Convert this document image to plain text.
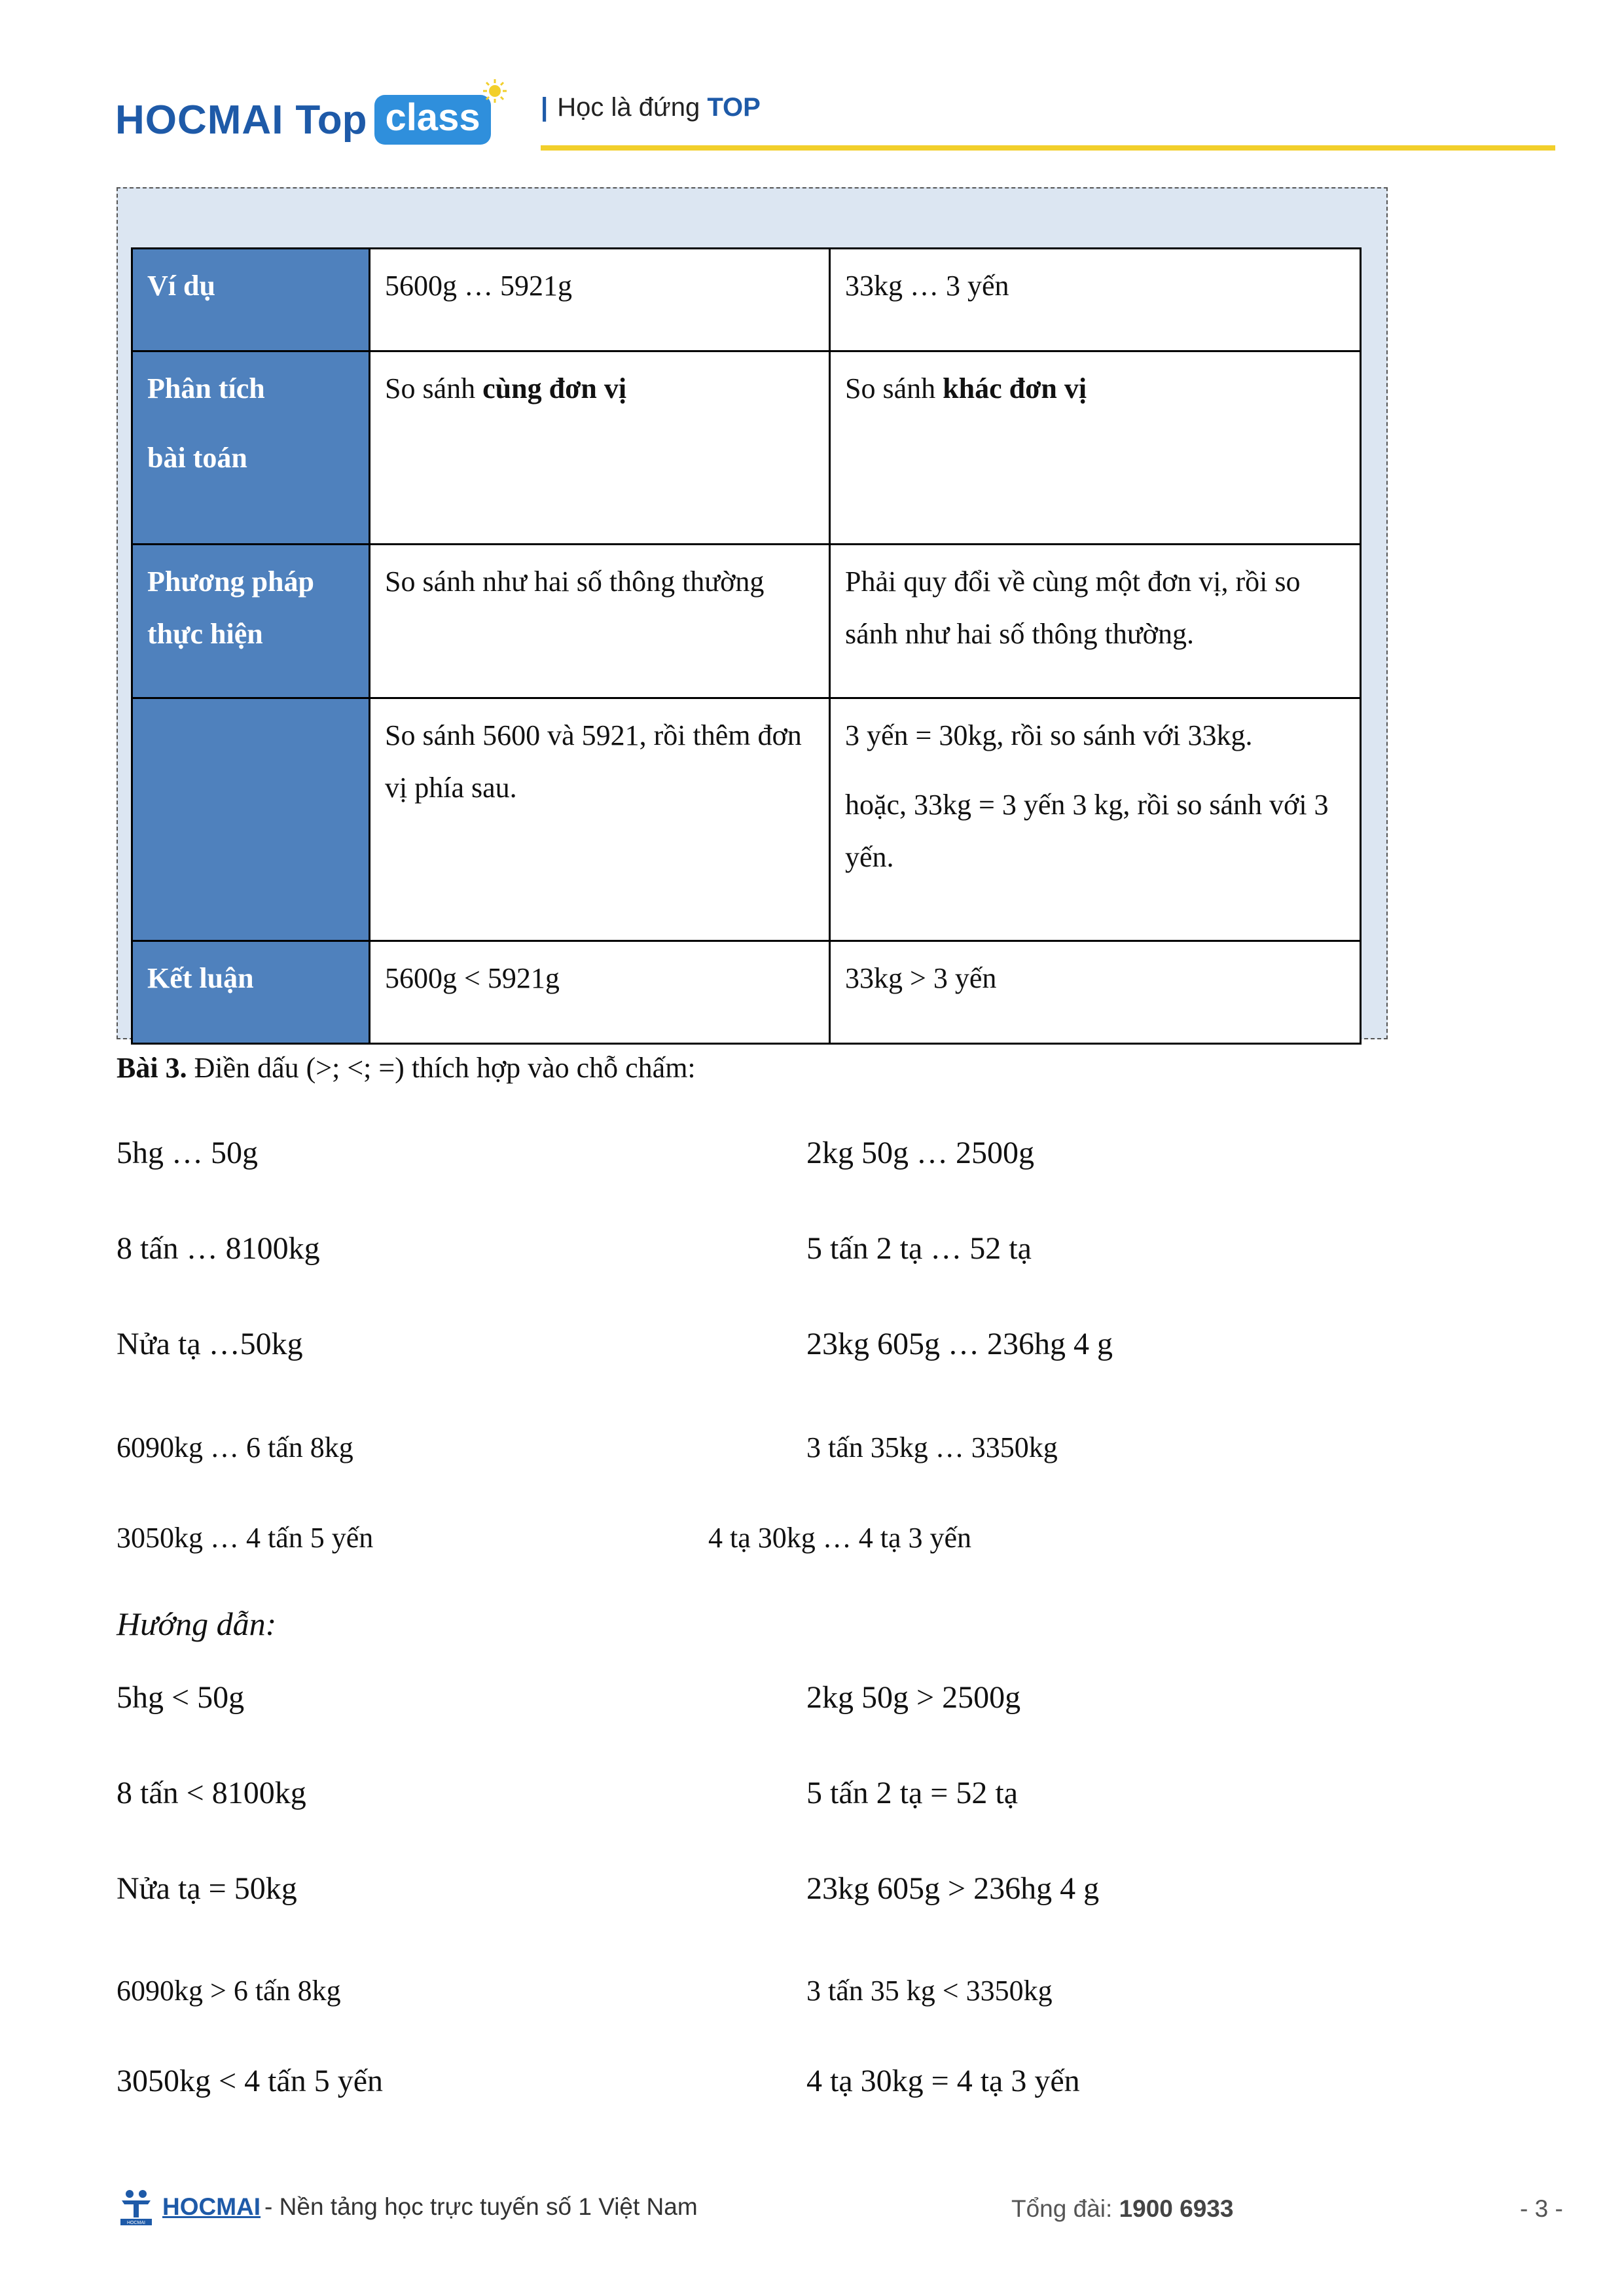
HOCMAI Top class	| Học là đứng TOP
Ví dụ	5600g … 5921g	33kg … 3 yến

Phân tích
bài toán	So sánh cùng đơn vị	So sánh khác đơn vị

Phương pháp
thực hiện	So sánh như hai số thông thường	Phải quy đổi về cùng một đơn vị, rồi so sánh như hai số thông thường.
	So sánh 5600 và 5921, rồi thêm đơn vị phía sau.	3 yến = 30kg, rồi so sánh với 33kg.
hoặc, 33kg = 3 yến 3 kg, rồi so sánh với 3 yến.

Kết luận	5600g < 5921g	33kg > 3 yến
Bài 3. Điền dấu (>; <; =) thích hợp vào chỗ chấm:
5hg … 50g	2kg 50g … 2500g
8 tấn … 8100kg	5 tấn 2 tạ … 52 tạ
Nửa tạ …50kg	23kg 605g … 236hg 4 g
6090kg … 6 tấn 8kg	3 tấn 35kg … 3350kg
3050kg … 4 tấn 5 yến	4 tạ 30kg … 4 tạ 3 yến
Hướng dẫn:
5hg < 50g	2kg 50g > 2500g
8 tấn < 8100kg	5 tấn 2 tạ = 52 tạ
Nửa tạ = 50kg	23kg 605g > 236hg 4 g
6090kg > 6 tấn 8kg	3 tấn 35 kg < 3350kg
3050kg < 4 tấn 5 yến	4 tạ 30kg = 4 tạ 3 yến
HOCMAI
HOCMAI - Nền tảng học trực tuyến số 1 Việt Nam	Tổng đài: 1900 6933	- 3 -
